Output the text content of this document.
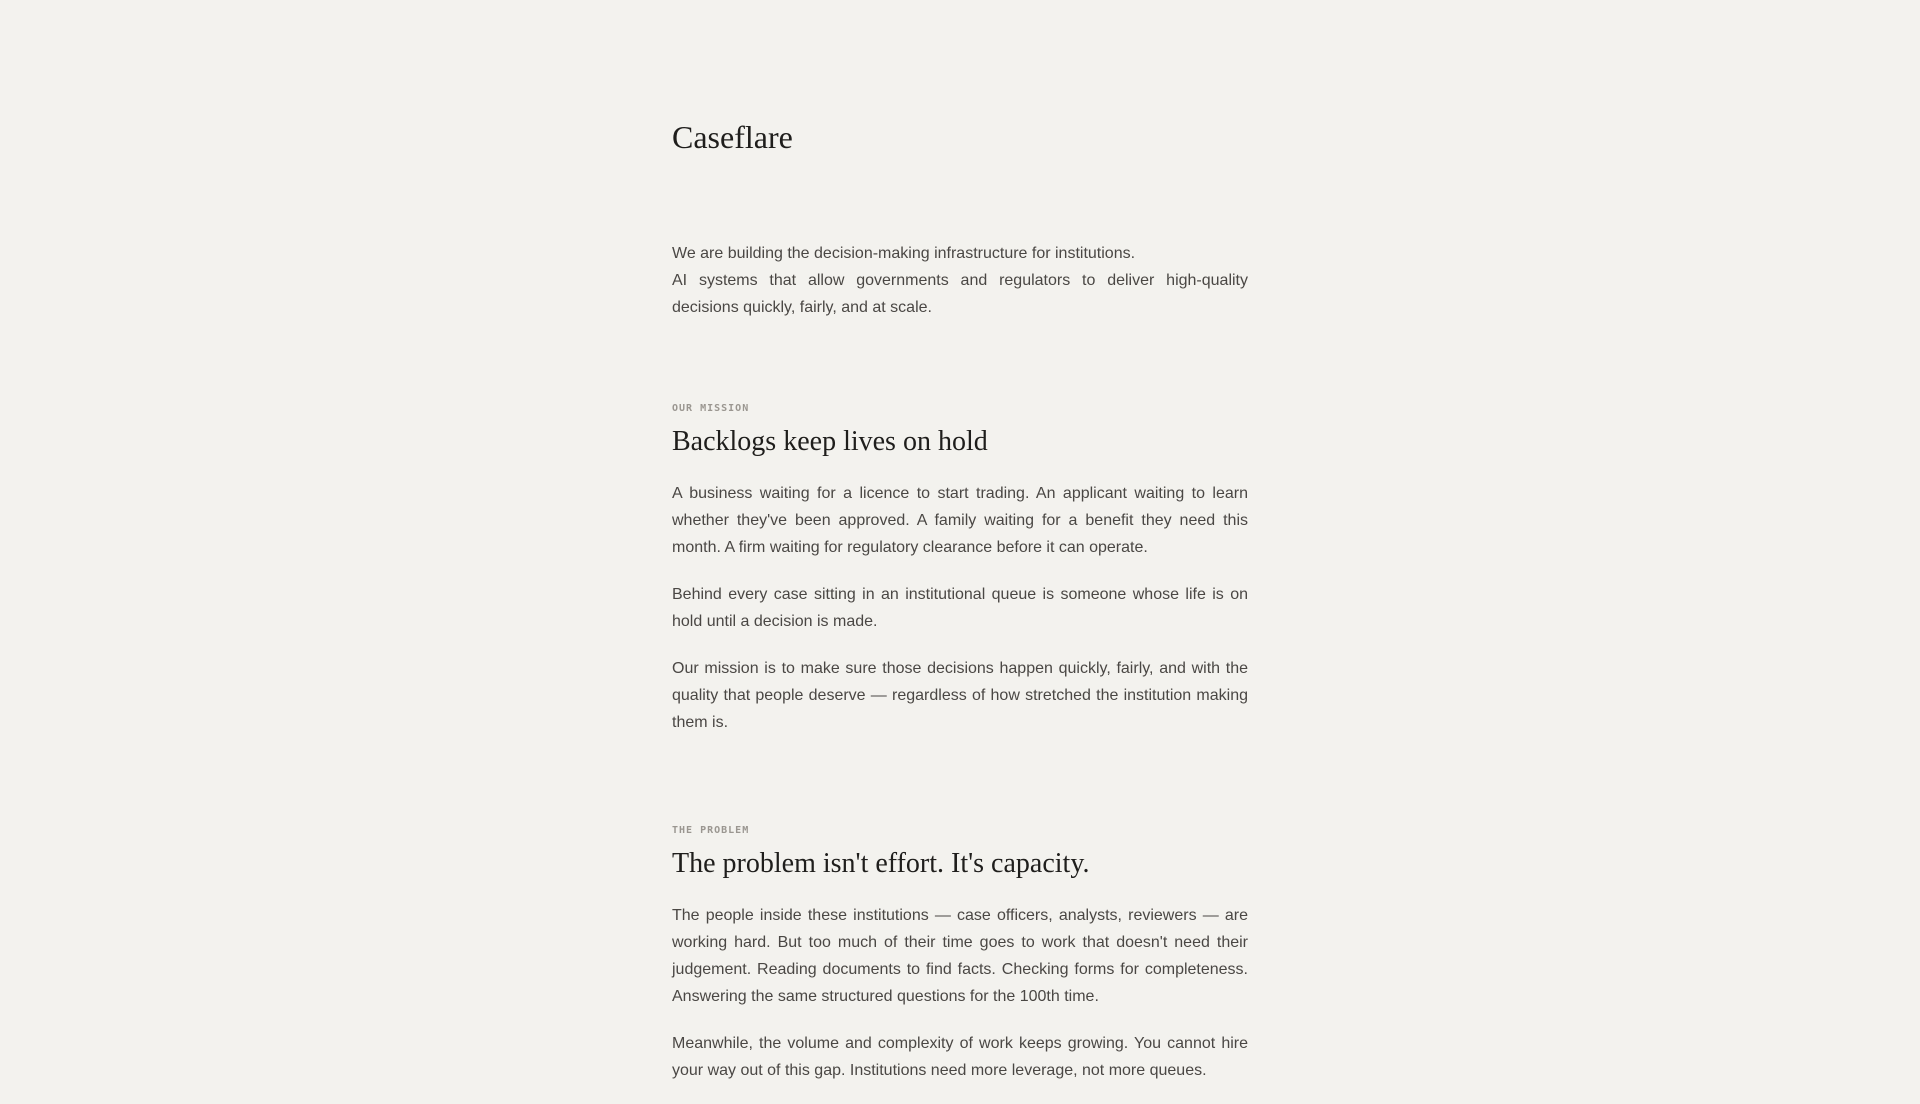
Caseflare

We are building the decision-making infrastructure for institutions.

AI systems that allow governments and regulators to deliver high-quality decisions quickly, fairly, and at scale.

OUR MISSION
Backlogs keep lives on hold

A business waiting for a licence to start trading. An applicant waiting to learn whether they've been approved. A family waiting for a benefit they need this month. A firm waiting for regulatory clearance before it can operate.

Behind every case sitting in an institutional queue is someone whose life is on hold until a decision is made.

Our mission is to make sure those decisions happen quickly, fairly, and with the quality that people deserve — regardless of how stretched the institution making them is.

THE PROBLEM
The problem isn't effort. It's capacity.

The people inside these institutions — case officers, analysts, reviewers — are working hard. But too much of their time goes to work that doesn't need their judgement. Reading documents to find facts. Checking forms for completeness. Answering the same structured questions for the 100th time.

Meanwhile, the volume and complexity of work keeps growing. You cannot hire your way out of this gap. Institutions need more leverage, not more queues.
